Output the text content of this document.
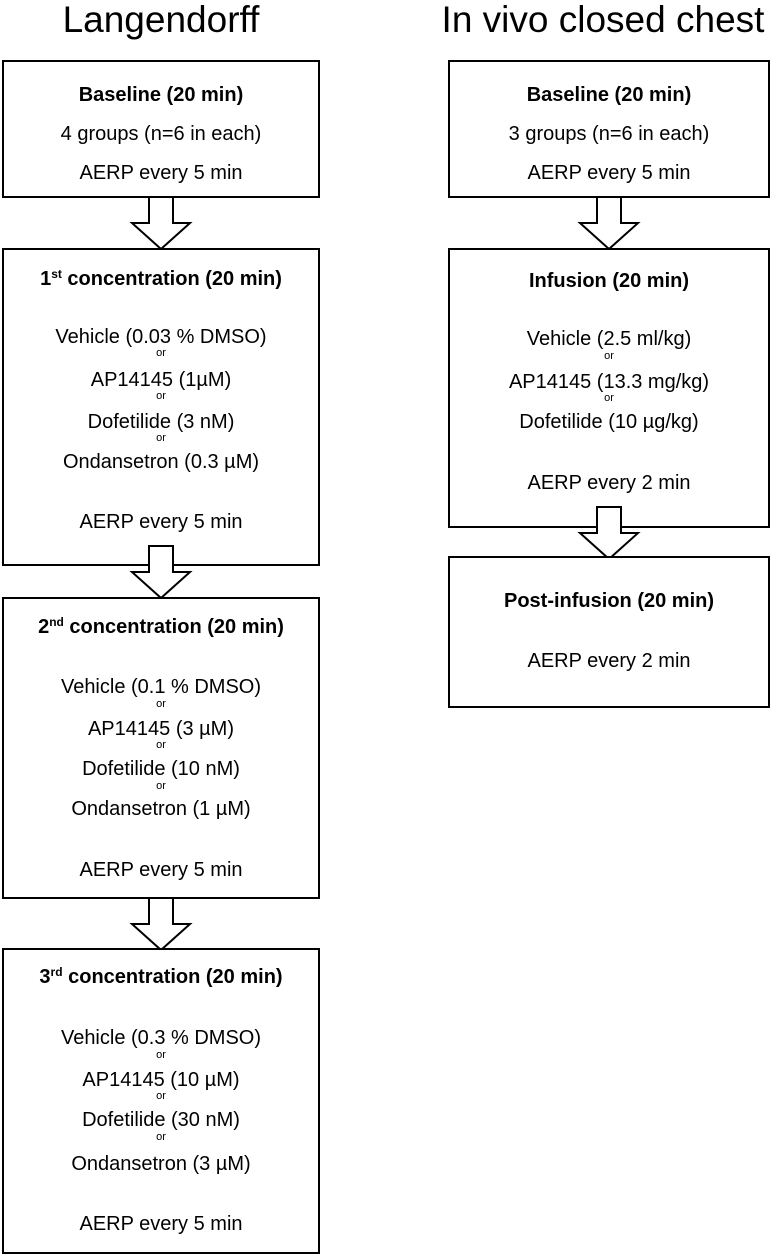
Langendorff	In vivo closed chest
Baseline (20 min)
4 groups (n=6 in each)
AERP every 5 min
1st concentration (20 min)
Vehicle (0.03 % DMSO)
or
AP14145 (1µM)
or
Dofetilide (3 nM)
or
Ondansetron (0.3 µM)
AERP every 5 min
2nd concentration (20 min)
Vehicle (0.1 % DMSO)
or
AP14145 (3 µM)
or
Dofetilide (10 nM)
or
Ondansetron (1 µM)
AERP every 5 min
3rd concentration (20 min)
Vehicle (0.3 % DMSO)
or
AP14145 (10 µM)
or
Dofetilide (30 nM)
or
Ondansetron (3 µM)
AERP every 5 min
Baseline (20 min)
3 groups (n=6 in each)
AERP every 5 min
Infusion (20 min)
Vehicle (2.5 ml/kg)
or
AP14145 (13.3 mg/kg)
or
Dofetilide (10 µg/kg)
AERP every 2 min
Post-infusion (20 min)
AERP every 2 min
